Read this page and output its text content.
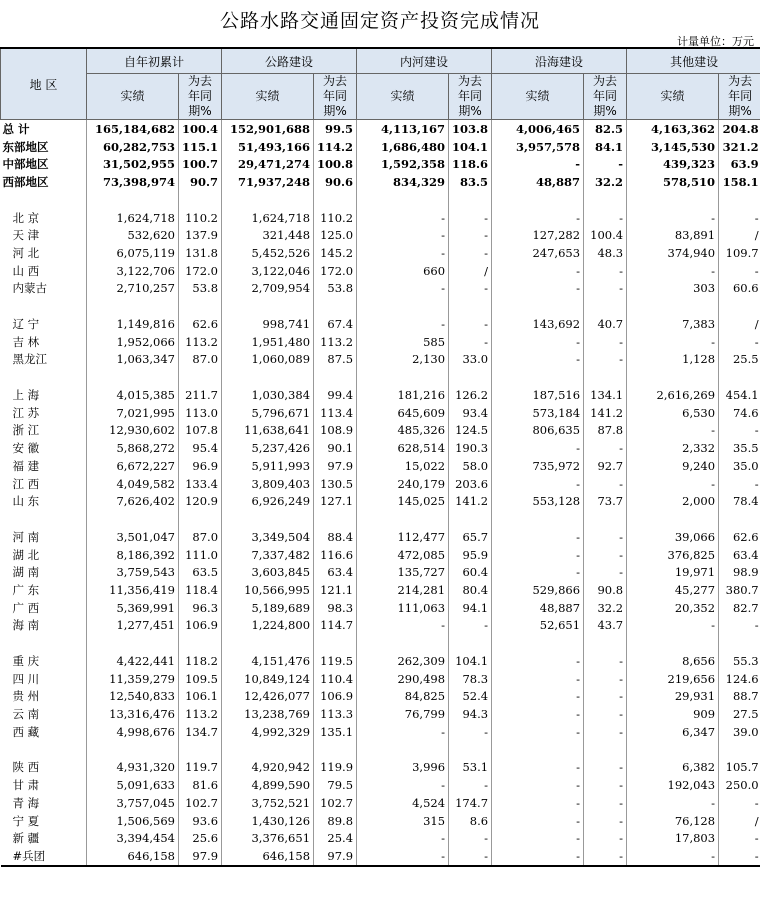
公路水路交通固定资产投资完成情况
计量单位：万元
地 区	自年初累计		公路建设		内河建设		沿海建设		其他建设	
	实绩	为去年同期%	实绩	为去年同期%	实绩	为去年同期%	实绩	为去年同期%	实绩	为去年同期%
总 计	165,184,682	100.4	152,901,688	99.5	4,113,167	103.8	4,006,465	82.5	4,163,362	204.8
东部地区	60,282,753	115.1	51,493,166	114.2	1,686,480	104.1	3,957,578	84.1	3,145,530	321.2
中部地区	31,502,955	100.7	29,471,274	100.8	1,592,358	118.6	-	-	439,323	63.9
西部地区	73,398,974	90.7	71,937,248	90.6	834,329	83.5	48,887	32.2	578,510	158.1

北 京	1,624,718	110.2	1,624,718	110.2	-	-	-	-	-	-
天 津	532,620	137.9	321,448	125.0	-	-	127,282	100.4	83,891	/
河 北	6,075,119	131.8	5,452,526	145.2	-	-	247,653	48.3	374,940	109.7
山 西	3,122,706	172.0	3,122,046	172.0	660	/	-	-	-	-
内蒙古	2,710,257	53.8	2,709,954	53.8	-	-	-	-	303	60.6

辽 宁	1,149,816	62.6	998,741	67.4	-	-	143,692	40.7	7,383	/
吉 林	1,952,066	113.2	1,951,480	113.2	585	-	-	-	-	-
黑龙江	1,063,347	87.0	1,060,089	87.5	2,130	33.0	-	-	1,128	25.5

上 海	4,015,385	211.7	1,030,384	99.4	181,216	126.2	187,516	134.1	2,616,269	454.1
江 苏	7,021,995	113.0	5,796,671	113.4	645,609	93.4	573,184	141.2	6,530	74.6
浙 江	12,930,602	107.8	11,638,641	108.9	485,326	124.5	806,635	87.8	-	-
安 徽	5,868,272	95.4	5,237,426	90.1	628,514	190.3	-	-	2,332	35.5
福 建	6,672,227	96.9	5,911,993	97.9	15,022	58.0	735,972	92.7	9,240	35.0
江 西	4,049,582	133.4	3,809,403	130.5	240,179	203.6	-	-	-	-
山 东	7,626,402	120.9	6,926,249	127.1	145,025	141.2	553,128	73.7	2,000	78.4

河 南	3,501,047	87.0	3,349,504	88.4	112,477	65.7	-	-	39,066	62.6
湖 北	8,186,392	111.0	7,337,482	116.6	472,085	95.9	-	-	376,825	63.4
湖 南	3,759,543	63.5	3,603,845	63.4	135,727	60.4	-	-	19,971	98.9
广 东	11,356,419	118.4	10,566,995	121.1	214,281	80.4	529,866	90.8	45,277	380.7
广 西	5,369,991	96.3	5,189,689	98.3	111,063	94.1	48,887	32.2	20,352	82.7
海 南	1,277,451	106.9	1,224,800	114.7	-	-	52,651	43.7	-	-

重 庆	4,422,441	118.2	4,151,476	119.5	262,309	104.1	-	-	8,656	55.3
四 川	11,359,279	109.5	10,849,124	110.4	290,498	78.3	-	-	219,656	124.6
贵 州	12,540,833	106.1	12,426,077	106.9	84,825	52.4	-	-	29,931	88.7
云 南	13,316,476	113.2	13,238,769	113.3	76,799	94.3	-	-	909	27.5
西 藏	4,998,676	134.7	4,992,329	135.1	-	-	-	-	6,347	39.0

陕 西	4,931,320	119.7	4,920,942	119.9	3,996	53.1	-	-	6,382	105.7
甘 肃	5,091,633	81.6	4,899,590	79.5	-	-	-	-	192,043	250.0
青 海	3,757,045	102.7	3,752,521	102.7	4,524	174.7	-	-	-	-
宁 夏	1,506,569	93.6	1,430,126	89.8	315	8.6	-	-	76,128	/
新 疆	3,394,454	25.6	3,376,651	25.4	-	-	-	-	17,803	-
#兵团	646,158	97.9	646,158	97.9	-	-	-	-	-	-
